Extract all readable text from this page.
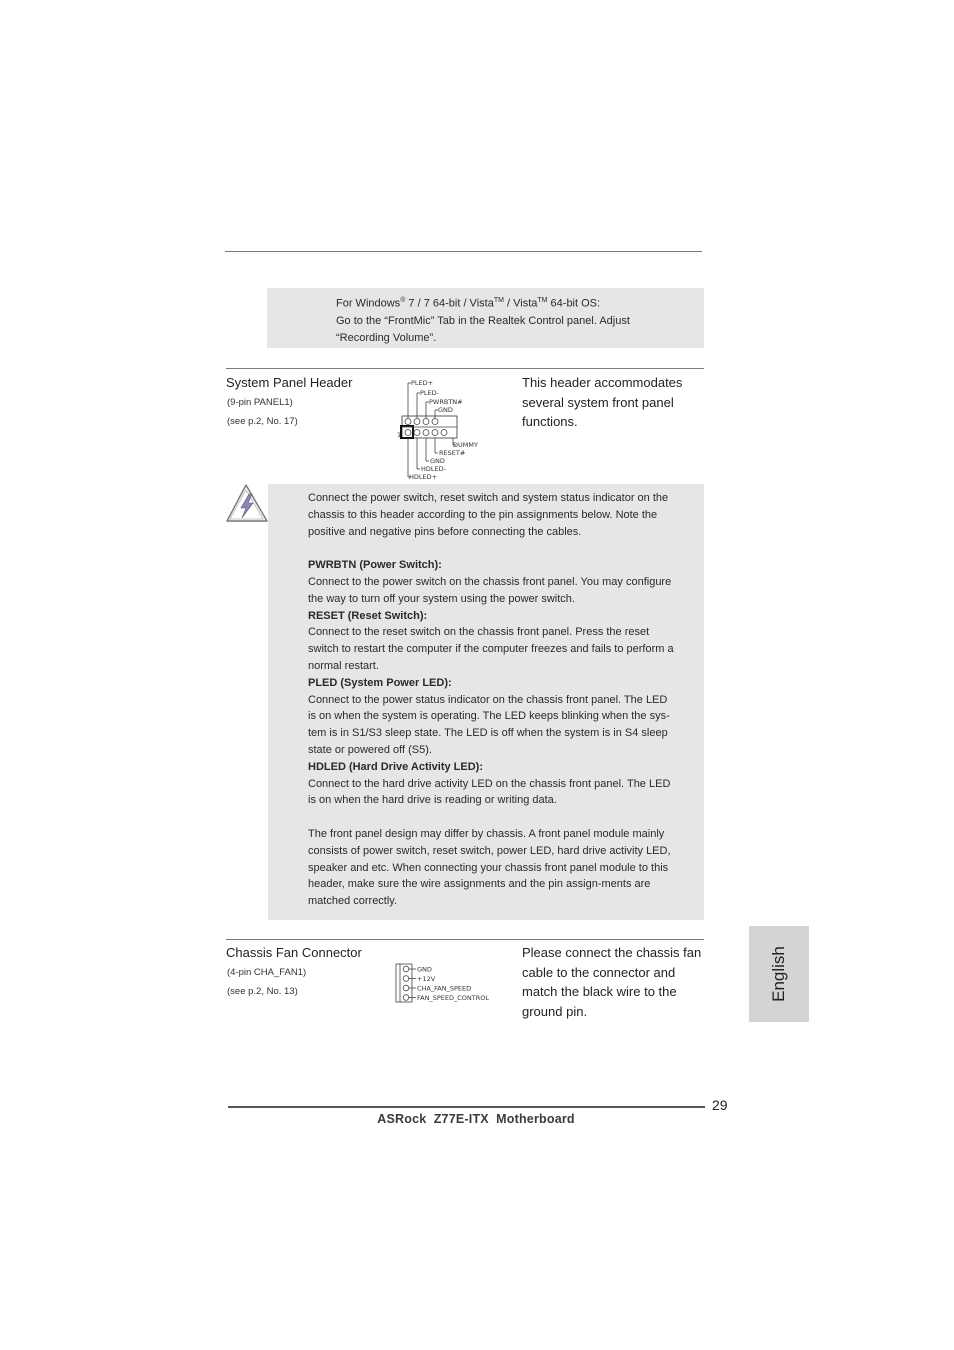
For Windows® 7 / 7 64-bit / Vista™ / Vista™ 64-bit OS:
Go to the “FrontMic” Tab in the Realtek Control panel. Adjust
“Recording Volume”.
System Panel Header
(9-pin PANEL1)
(see p.2, No. 17)
PLED+
PLED-
PWRBTN#
GND
1
DUMMY
RESET#
GND
HDLED-
HDLED+
This header accommodates
several system front panel
functions.

Connect the power switch, reset switch and system status indicator on the

chassis to this header according to the pin assignments below. Note the

positive and negative pins before connecting the cables.

PWRBTN (Power Switch):

Connect to the power switch on the chassis front panel. You may configure

the way to turn off your system using the power switch.

RESET (Reset Switch):

Connect to the reset switch on the chassis front panel. Press the reset

switch to restart the computer if the computer freezes and fails to perform a

normal restart.

PLED (System Power LED):

Connect to the power status indicator on the chassis front panel. The LED

is on when the system is operating. The LED keeps blinking when the sys-

tem is in S1/S3 sleep state. The LED is off when the system is in S4 sleep

state or powered off (S5).

HDLED (Hard Drive Activity LED):

Connect to the hard drive activity LED on the chassis front panel. The LED

is on when the hard drive is reading or writing data.

The front panel design may differ by chassis. A front panel module mainly

consists of power switch, reset switch, power LED, hard drive activity LED,

speaker and etc. When connecting your chassis front panel module to this

header, make sure the wire assignments and the pin assign-ments are

matched correctly.

Chassis Fan Connector
(4-pin CHA_FAN1)
(see p.2, No. 13)
GND
+12V
CHA_FAN_SPEED
FAN_SPEED_CONTROL
Please connect the chassis fan
cable to the connector and
match the black wire to the
ground pin.
English
29
ASRock  Z77E-ITX  Motherboard
